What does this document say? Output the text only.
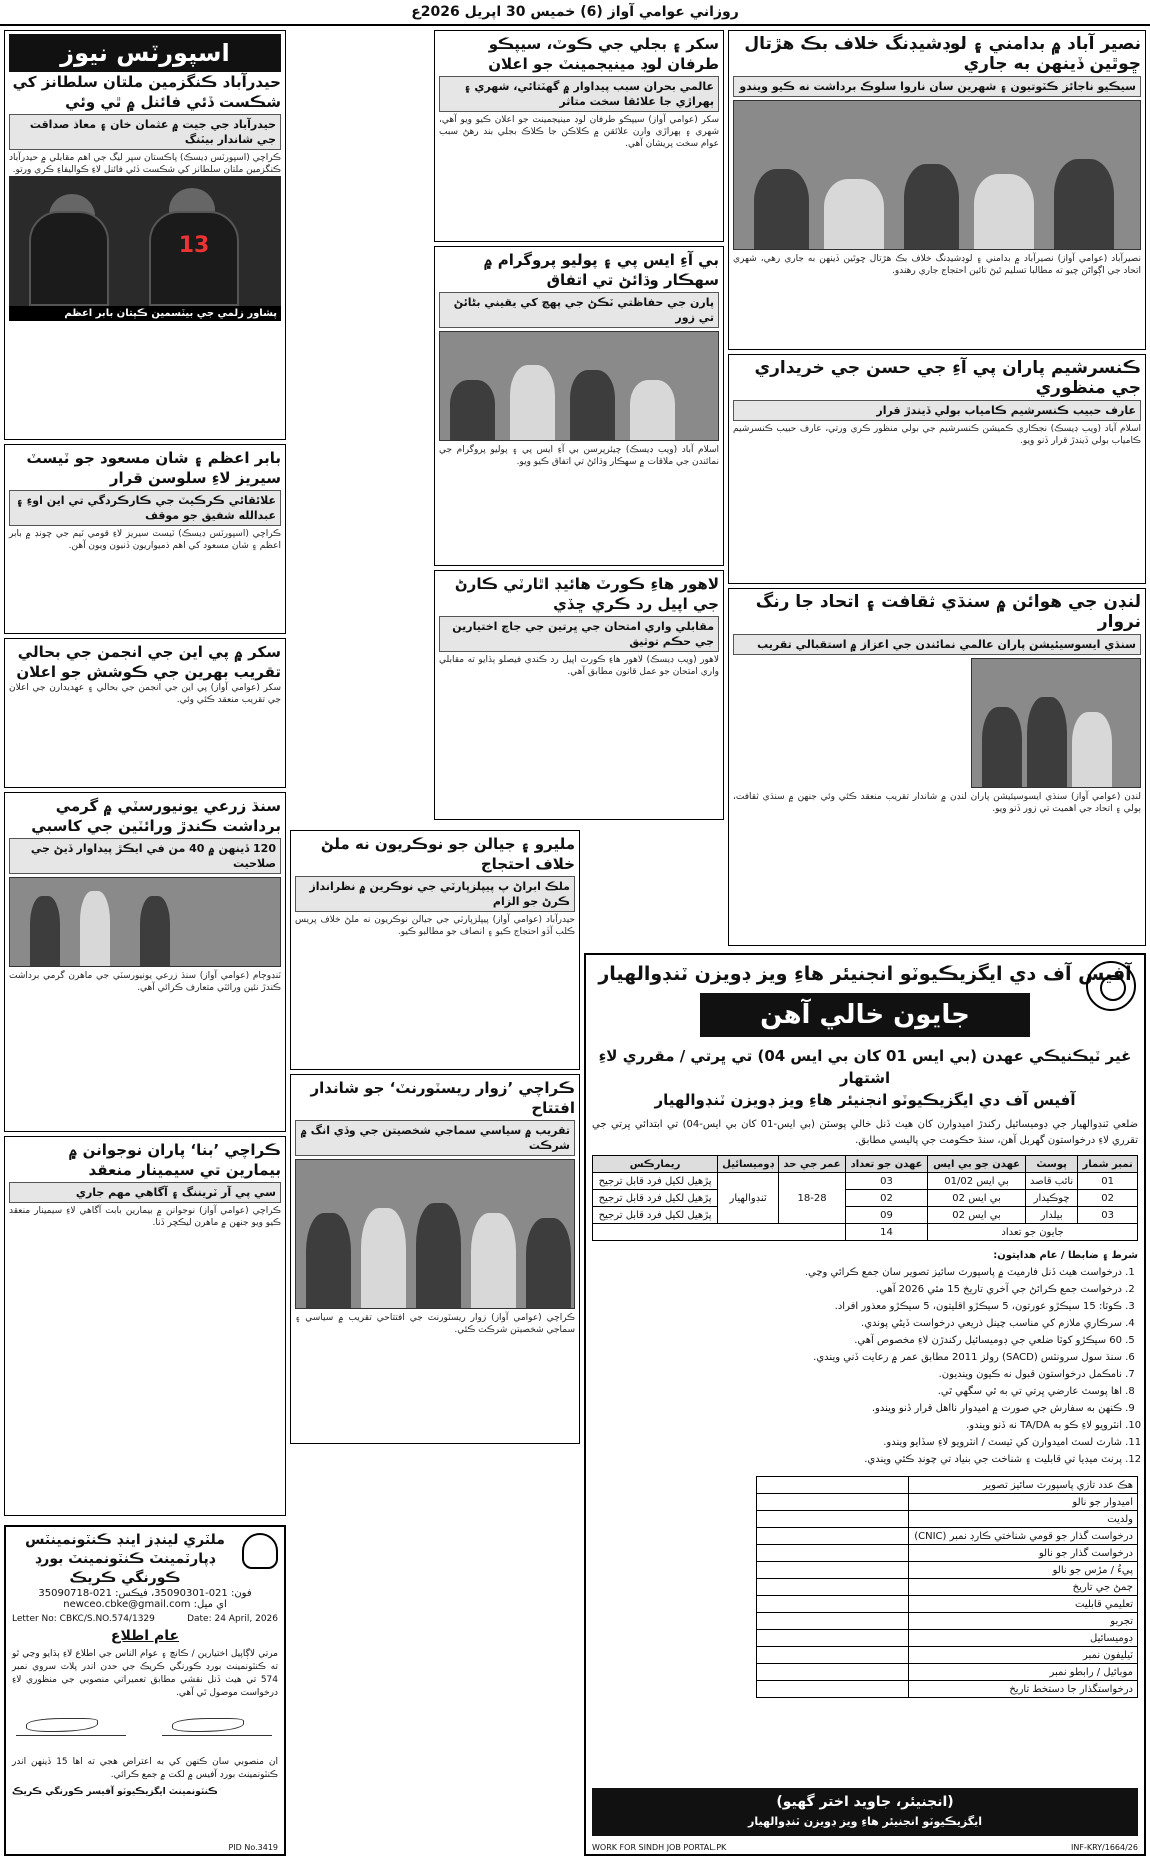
روزاني عوامي آواز (6) خميس 30 اپريل 2026ع
نصير آباد ۾ بدامني ۽ لوڊشيڊنگ خلاف بڪ هڙتال ڇوٿين ڏينهن به جاري
سيڪيو ناجائز ڪٽوتيون ۽ شهرين سان ناروا سلوڪ برداشت نه ڪيو ويندو
نصيرآباد (عوامي آواز) نصيرآباد ۾ بدامني ۽ لوڊشيڊنگ خلاف بڪ هڙتال ڇوٿين ڏينهن به جاري رهي، شهري اتحاد جي اڳواڻن چيو ته مطالبا تسليم ٿيڻ تائين احتجاج جاري رهندو.
ڪنسرشيم پاران پي آءِ جي حسن جي خريداري جي منظوري
عارف حبيب ڪنسرشيم ڪامياب بولي ڏيندڙ قرار
اسلام آباد (ويب ڊيسڪ) نجڪاري ڪميشن ڪنسرشيم جي بولي منظور ڪري ورتي، عارف حبيب ڪنسرشيم ڪامياب بولي ڏيندڙ قرار ڏنو ويو.
لنڊن جي هوائن ۾ سنڌي ثقافت ۽ اتحاد جا رنگ نروار
سنڌي ايسوسيئيشن پاران عالمي نمائندن جي اعزاز ۾ استقبالي تقريب
لنڊن (عوامي آواز) سنڌي ايسوسيئيشن پاران لنڊن ۾ شاندار تقريب منعقد ڪئي وئي جنهن ۾ سنڌي ثقافت، ٻولي ۽ اتحاد جي اهميت تي زور ڏنو ويو.
سکر ۽ بجلي جي ڪوٽ، سيپڪو طرفان لوڊ مينيجمينٽ جو اعلان
عالمي بحران سبب پيداوار ۾ گهٽتائي، شهري ۽ ٻهراڙي جا علائقا سخت متاثر
سکر (عوامي آواز) سيپڪو طرفان لوڊ مينيجمينٽ جو اعلان ڪيو ويو آهي، شهري ۽ ٻهراڙي وارن علائقن ۾ ڪلاڪن جا ڪلاڪ بجلي بند رهڻ سبب عوام سخت پريشان آهي.
بي آءِ ايس پي ۽ پوليو پروگرام ۾ سهڪار وڌائڻ تي اتفاق
پارن جي حفاظتي ٽڪڻ جي پهچ کي يقيني بڻائڻ تي زور
اسلام آباد (ويب ڊيسڪ) چيئرپرسن بي آءِ ايس پي ۽ پوليو پروگرام جي نمائندن جي ملاقات ۾ سهڪار وڌائڻ تي اتفاق ڪيو ويو.
لاهور هاءِ ڪورٽ هائيڊ اٿارٽي ڪارڻ جي اپيل رد ڪري ڇڏي
مقابلي واري امتحان جي ڀرتين جي جاچ اختيارين جي حڪم توثيق
لاهور (ويب ڊيسڪ) لاهور هاءِ ڪورٽ اپيل رد ڪندي فيصلو ٻڌايو ته مقابلي واري امتحان جو عمل قانون مطابق آهي.
مليرو ۽ جيالن جو نوڪريون نه ملڻ خلاف احتجاج
ملڪ ابراڻ پ پيپلزپارٽي جي نوڪرين ۾ نظرانداز ڪرڻ جو الزام
حيدرآباد (عوامي آواز) پيپلزپارٽي جي جيالن نوڪريون نه ملڻ خلاف پريس ڪلب آڏو احتجاج ڪيو ۽ انصاف جو مطالبو ڪيو.
ڪراچي ’زوار ريسٽورنٽ‘ جو شاندار افتتاح
تقريب ۾ سياسي سماجي شخصيتن جي وڏي انگ ۾ شرڪت
ڪراچي (عوامي آواز) زوار ريسٽورنٽ جي افتتاحي تقريب ۾ سياسي ۽ سماجي شخصيتن شرڪت ڪئي.
اسپورٽس نيوز
حيدرآباد ڪنگزمين ملتان سلطانز کي شڪست ڏئي فائنل ۾ ٿي وئي
حيدرآباد جي جيت ۾ عثمان خان ۽ معاذ صداقت جي شاندار بيٽنگ
ڪراچي (اسپورٽس ڊيسڪ) پاڪستان سپر ليگ جي اهم مقابلي ۾ حيدرآباد ڪنگزمين ملتان سلطانز کي شڪست ڏئي فائنل لاءِ ڪواليفاءِ ڪري ورتو.
13
پشاور زلمي جي بيٽسمين ڪپتان بابر اعظم
بابر اعظم ۽ شان مسعود جو ٽيسٽ سيريز لاءِ سلوسن قرار
علائقائي ڪرڪيٽ جي ڪارڪردگي تي اين اوءِ ۽ عبدالله شفيق جو موقف
ڪراچي (اسپورٽس ڊيسڪ) ٽيسٽ سيريز لاءِ قومي ٽيم جي چونڊ ۾ بابر اعظم ۽ شان مسعود کي اهم ذميواريون ڏنيون ويون آهن.
سکر ۾ پي اين جي انجمن جي بحالي تقريب بهرين جي ڪوشش جو اعلان
سکر (عوامي آواز) پي اين جي انجمن جي بحالي ۽ عهديدارن جي اعلان جي تقريب منعقد ڪئي وئي.
سنڌ زرعي يونيورسٽي ۾ گرمي برداشت ڪندڙ ورائٽين جي کاسبي
120 ڏينهن ۾ 40 من في ايڪڙ پيداوار ڏيڻ جي صلاحيت
ٽنڊوڄام (عوامي آواز) سنڌ زرعي يونيورسٽي جي ماهرن گرمي برداشت ڪندڙ نئين ورائٽي متعارف ڪرائي آهي.
ڪراچي ’بنا‘ پاران نوجوانن ۾ بيمارين تي سيمينار منعقد
سي پي آر ٽريننگ ۽ آگاهي مهم جاري
ڪراچي (عوامي آواز) نوجوانن ۾ بيمارين بابت آگاهي لاءِ سيمينار منعقد ڪيو ويو جنهن ۾ ماهرن ليڪچر ڏنا.
آفيس آف دي ايگزيڪيوٽو انجنيئر هاءِ ويز ڊويزن ٽنڊوالهيار
جايون خالي آهن
غير ٽيڪنيڪي عهدن (بي ايس 01 کان بي ايس 04) تي ڀرتي / مقرري لاءِ اشتهار
آفيس آف دي ايگزيڪيوٽو انجنيئر هاءِ ويز ڊويزن ٽنڊوالهيار
ضلعي ٽنڊوالهيار جي ڊوميسائيل رکندڙ اميدوارن کان هيٺ ڏنل خالي پوسٽن (بي ايس-01 کان بي ايس-04) تي ابتدائي ڀرتي جي تقرري لاءِ درخواستون گهربل آهن، سنڌ حڪومت جي پاليسي مطابق.
نمبر شمار	پوسٽ	عهدن جو بي ايس	عهدن جو تعداد	عمر جي حد	ڊوميسائيل	ريمارڪس
01	نائب قاصد	بي ايس 01/02	03	18-28	ٽنڊوالهيار	پڙهيل لکيل فرد قابل ترجيح
02	چوڪيدار	بي ايس 02	02			پڙهيل لکيل فرد قابل ترجيح
03	بيلدار	بي ايس 02	09			پڙهيل لکيل فرد قابل ترجيح
جايون جو تعداد			14			
شرط ۽ ضابطا / عام هدايتون:
1. درخواست هيٺ ڏنل فارميٽ ۾ پاسپورٽ سائيز تصوير سان جمع ڪرائي وڃي.
2. درخواست جمع ڪرائڻ جي آخري تاريخ 15 مئي 2026 آهي.
3. ڪوٽا: 15 سيڪڙو عورتون، 5 سيڪڙو اقليتون، 5 سيڪڙو معذور افراد.
4. سرڪاري ملازم کي مناسب چينل ذريعي درخواست ڏيڻي پوندي.
5. 60 سيڪڙو کوٽا ضلعي جي ڊوميسائيل رکندڙن لاءِ مخصوص آهي.
6. سنڌ سول سرونٽس (SACD) رولز 2011 مطابق عمر ۾ رعايت ڏني ويندي.
7. نامڪمل درخواستون قبول نه ڪيون وينديون.
8. اها پوسٽ عارضي ڀرتي تي به ٿي سگهي ٿي.
9. ڪنهن به سفارش جي صورت ۾ اميدوار نااهل قرار ڏنو ويندو.
10. انٽرويو لاءِ ڪو به TA/DA نه ڏنو ويندو.
11. شارٽ لسٽ اميدوارن کي ٽيسٽ / انٽرويو لاءِ سڏايو ويندو.
12. پرنٽ ميڊيا تي قابليت ۽ شناخت جي بنياد تي چونڊ ڪئي ويندي.
هڪ عدد تازي پاسپورٽ سائيز تصوير	
اميدوار جو نالو	
ولديت	
درخواست گذار جو قومي شناختي ڪارڊ نمبر (CNIC)	
درخواست گذار جو نالو	
پيءُ / مڙس جو نالو	
ڄمڻ جي تاريخ	
تعليمي قابليت	
تجربو	
ڊوميسائيل	
ٽيليفون نمبر	
موبائيل / رابطو نمبر	
درخواستگذار جا دستخط تاريخ	
(انجنيئر، جاويد اختر گهيو)
ايگزيڪيوٽو انجنيئر هاءِ ويز ڊويزن ٽنڊوالهيار
INF-KRY/1664/26
WORK FOR SINDH JOB PORTAL.PK
ملٽري لينڊز اينڊ ڪنٽونمينٽس ڊپارٽمينٽ ڪنٽونمينٽ بورڊ ڪورنگي ڪريڪ
فون: 021-35090301، فيڪس: 021-35090718
اي ميل: newceo.cbke@gmail.com
Letter No: CBKC/S.NO.574/1329	Date: 24 April, 2026
عام اطلاع
مرتي لاڳاپيل اختيارين / ڪانچ ۽ عوام الناس جي اطلاع لاءِ ٻڌايو وڃي ٿو ته ڪنٽونمينٽ بورڊ ڪورنگي ڪريڪ جي حدن اندر پلاٽ سروي نمبر 574 تي هيٺ ڏنل نقشي مطابق تعميراتي منصوبي جي منظوري لاءِ درخواست موصول ٿي آهي.
ان منصوبي سان ڪنهن کي به اعتراض هجي ته اها 15 ڏينهن اندر ڪنٽونمينٽ بورڊ آفيس ۾ لکت ۾ جمع ڪرائي.
ڪنٽونمينٽ ايگزيڪيوٽو آفيسر ڪورنگي ڪريڪ
PID No.3419
